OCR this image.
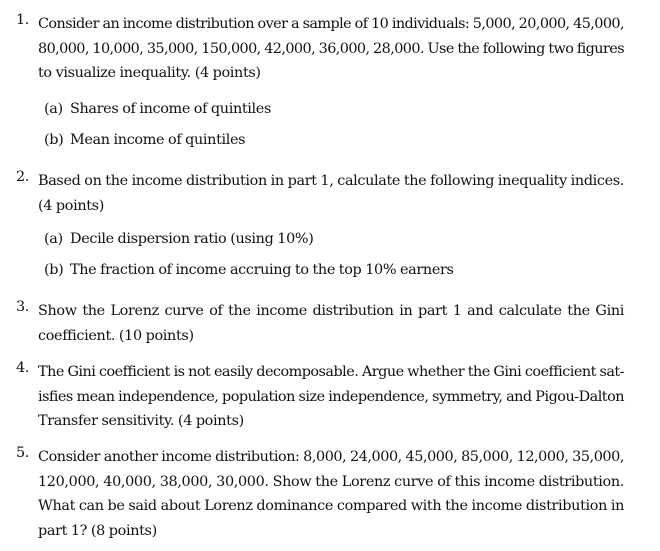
1. Consider an income distribution over a sample of 10 individuals: 5,000, 20,000, 45,000,
80,000, 10,000, 35,000, 150,000, 42,000, 36,000, 28,000. Use the following two figures
to visualize inequality. (4 points)
(a) Shares of income of quintiles
(b) Mean income of quintiles
2. Based on the income distribution in part 1, calculate the following inequality indices.
(4 points)
(a) Decile dispersion ratio (using 10%)
(b) The fraction of income accruing to the top 10% earners
3. Show the Lorenz curve of the income distribution in part 1 and calculate the Gini
coefficient. (10 points)
4. The Gini coefficient is not easily decomposable. Argue whether the Gini coefficient sat-
isfies mean independence, population size independence, symmetry, and Pigou-Dalton
Transfer sensitivity. (4 points)
5. Consider another income distribution: 8,000, 24,000, 45,000, 85,000, 12,000, 35,000,
120,000, 40,000, 38,000, 30,000. Show the Lorenz curve of this income distribution.
What can be said about Lorenz dominance compared with the income distribution in
part 1? (8 points)
